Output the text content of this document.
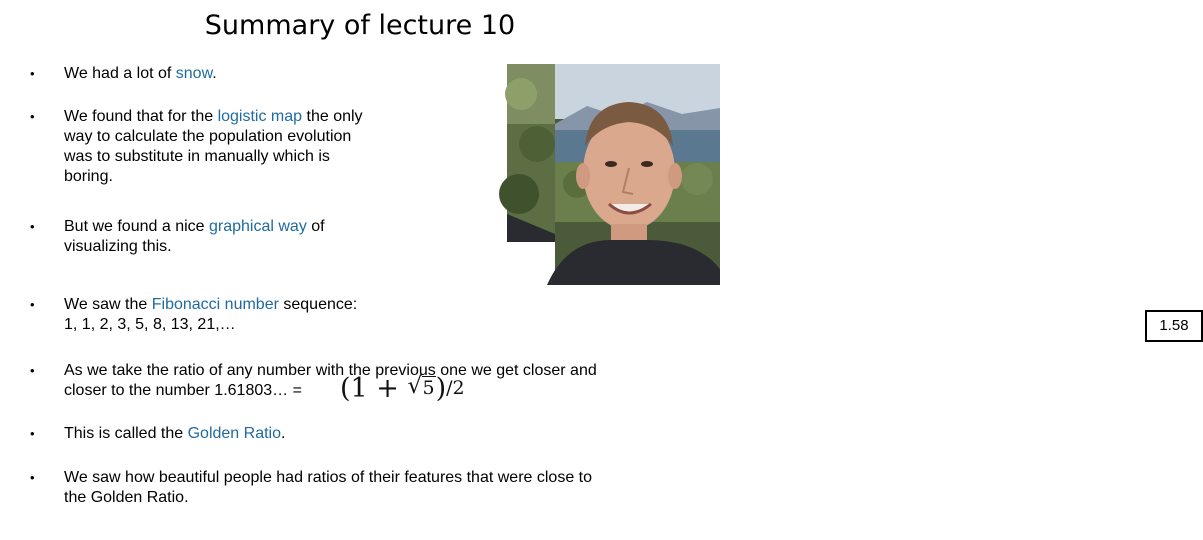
Summary of lecture 10
• We had a lot of snow.
• We found that for the logistic map the only
way to calculate the population evolution
was to substitute in manually which is
boring.
• But we found a nice graphical way of
visualizing this.
1.58
• We saw the Fibonacci number sequence:
1, 1, 2, 3, 5, 8, 13, 21,…
• As we take the ratio of any number with the previous one we get closer and
closer to the number 1.61803… =	(1 + √ 5)/2
• This is called the Golden Ratio.
• We saw how beautiful people had ratios of their features that were close to
the Golden Ratio.
